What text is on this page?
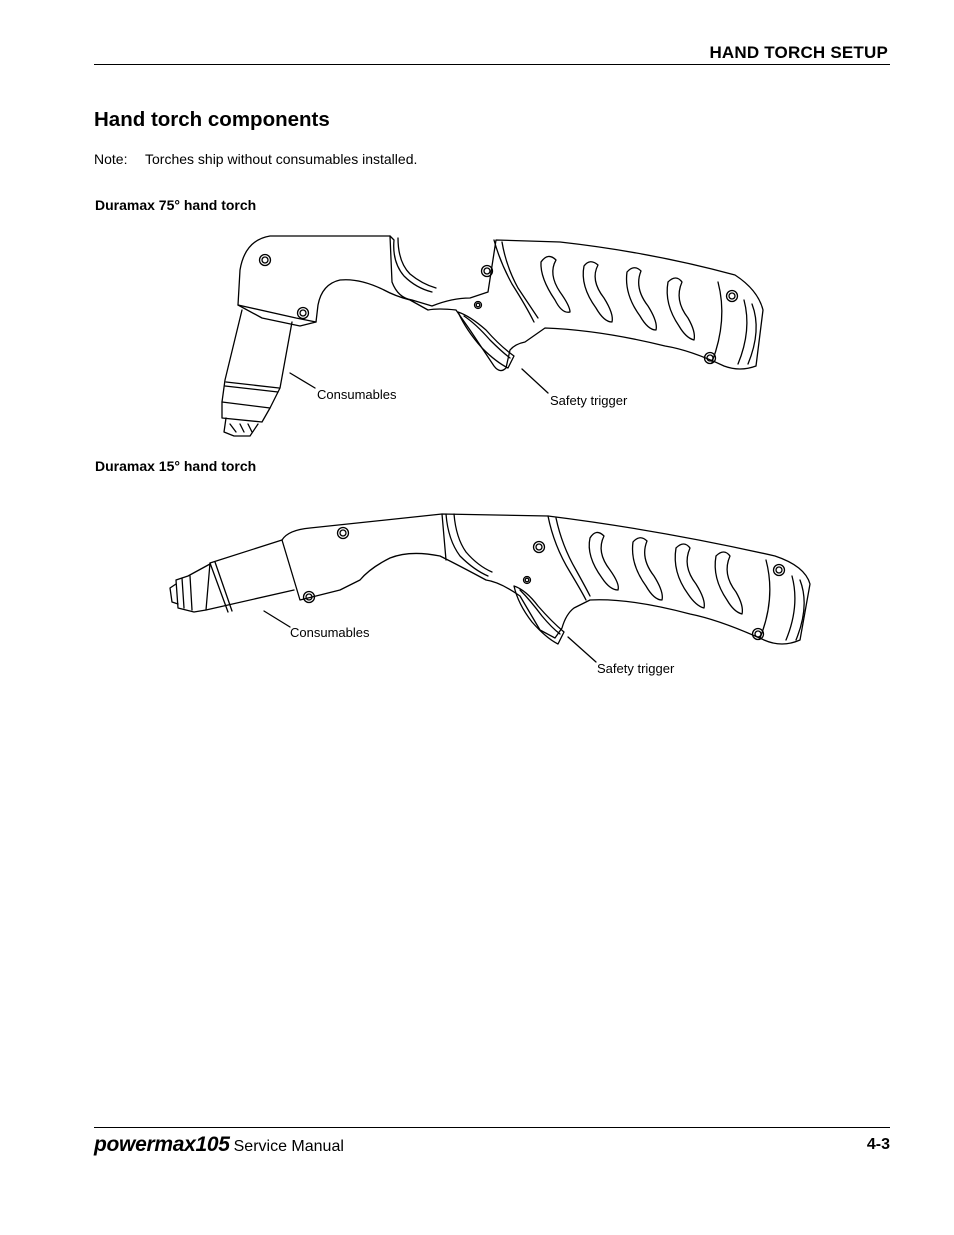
HAND TORCH SETUP
Hand torch components
Note: Torches ship without consumables installed.
Duramax 75° hand torch
Consumables	Safety trigger
Duramax 15° hand torch
Consumables
Safety trigger
powermax105 Service Manual	4-3
